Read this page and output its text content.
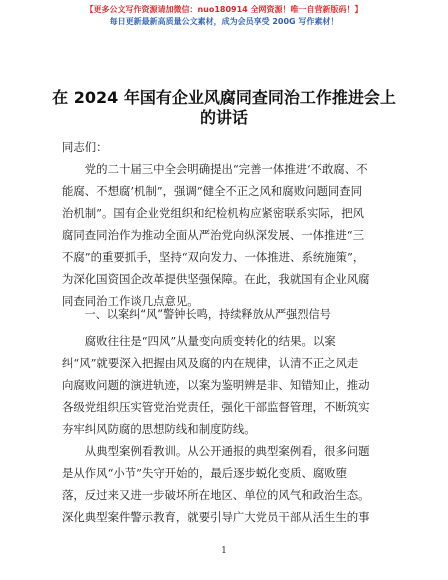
【更多公文写作资源请加微信：nuo180914 全网资源！唯一自营新版码！】
每日更新最新高质量公文素材，成为会员享受 200G 写作素材！
在 2024 年国有企业风腐同查同治工作推进会上
的讲话
同志们：
　　党的二十届三中全会明确提出“完善一体推进‘不敢腐、不
能腐、不想腐’机制”，强调“健全不正之风和腐败问题同查同
治机制”。国有企业党组织和纪检机构应紧密联系实际，把风
腐同查同治作为推动全面从严治党向纵深发展、一体推进“三
不腐”的重要抓手，坚持“双向发力、一体推进、系统施策”，
为深化国资国企改革提供坚强保障。在此，我就国有企业风腐
同查同治工作谈几点意见。
　　一、以案纠“风”警钟长鸣，持续释放从严强烈信号
　　腐败往往是“四风”从量变向质变转化的结果。以案
纠“风”就要深入把握由风及腐的内在规律，认清不正之风走
向腐败问题的演进轨迹，以案为鉴明辨是非、知错知止，推动
各级党组织压实管党治党责任，强化干部监督管理，不断筑实
夯牢纠风防腐的思想防线和制度防线。
　　从典型案例看教训。从公开通报的典型案例看，很多问题
是从作风“小节”失守开始的，最后逐步蜕化变质、腐败堕
落，反过来又进一步破坏所在地区、单位的风气和政治生态。
深化典型案件警示教育，就要引导广大党员干部从活生生的事
1
